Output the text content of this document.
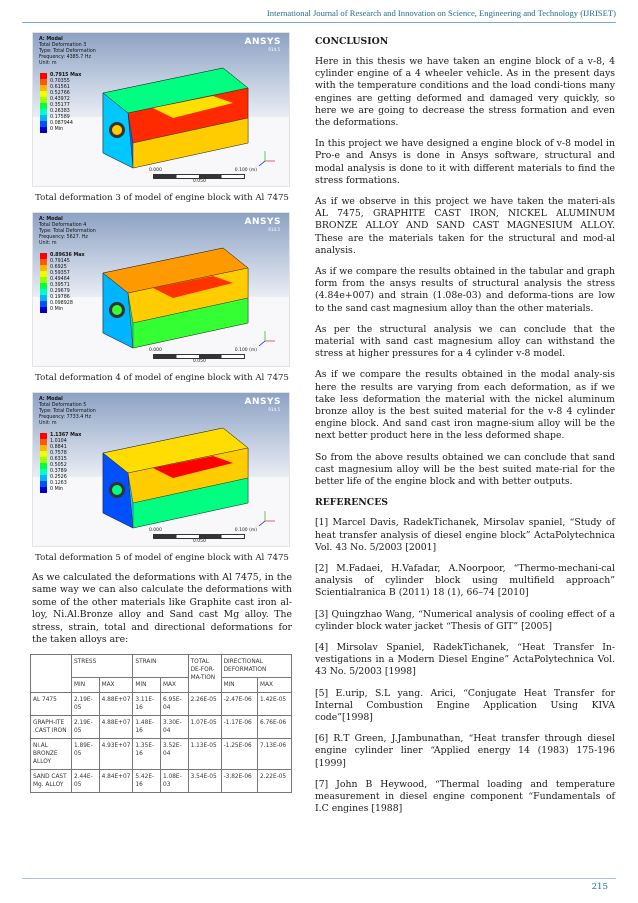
International Journal of Research and Innovation on Science, Engineering and Technology (IJRISET)
A: Modal
Total Deformation 3
Type: Total Deformation
Frequency: 4385.7 Hz
Unit: m
ANSYS
R14.5
0.7915 Max
0.70355
0.61561
0.52766
0.43972
0.35177
0.26383
0.17589
0.087944
0 Min
0.000	0.100 (m)
0.050
Total deformation 3 of model of engine block with Al 7475
A: Modal
Total Deformation 4
Type: Total Deformation
Frequency: 5627. Hz
Unit: m
ANSYS
R14.5
0.89636 Max
0.79145
0.6925
0.59357
0.49464
0.39571
0.29679
0.19786
0.098928
0 Min
0.000	0.100 (m)
0.050
Total deformation 4 of model of engine block with Al 7475
A: Modal
Total Deformation 5
Type: Total Deformation
Frequency: 7733.4 Hz
Unit: m
ANSYS
R14.5
1.1367 Max
1.0104
0.8841
0.7578
0.6315
0.5052
0.3789
0.2526
0.1263
0 Min
0.000	0.100 (m)
0.050
Total deformation 5 of model of engine block with Al 7475

As we calculated the deformations with Al 7475, in the same way we can also calculate the deformations with some of the other materials like Graphite cast iron al-loy, Ni.Al.Bronze alloy and Sand cast Mg alloy. The stress, strain, total and directional deformations for the taken alloys are:

	STRESS		STRAIN		TOTAL DE-FOR-MA-TION	DIRECTIONAL DEFORMATION	
	MIN	MAX	MIN	MAX		MIN	MAX
AL 7475	2.19E-05	4.88E+07	3.11E-16	6.95E-04	2.26E-05	-2.47E-06	1.42E-05
GRAPH-ITE .CAST IRON	2.19E-05	4.88E+07	1.48E-16	3.30E-04	1.07E-05	-1.17E-06	6.76E-06
Ni.AL BRONZE ALLOY	1.89E-05	4.93E+07	1.35E-16	3.52E-04	1.13E-05	-1.25E-06	7.13E-06
SAND CAST Mg. ALLOY	2.44E-05	4.84E+07	5.42E-16	1.08E-03	3.54E-05	-3.82E-06	2.22E-05
CONCLUSION

Here in this thesis we have taken an engine block of a v-8, 4 cylinder engine of a 4 wheeler vehicle. As in the present days with the temperature conditions and the load condi-tions many engines are getting deformed and damaged very quickly, so here we are going to decrease the stress formation and even the deformations.

In this project we have designed a engine block of v-8 model in Pro-e and Ansys is done in Ansys software, structural and modal analysis is done to it with different materials to find the stress formations.

As if we observe in this project we have taken the materi-als AL 7475, GRAPHITE CAST IRON, NICKEL ALUMINUM BRONZE ALLOY AND SAND CAST MAGNESIUM ALLOY. These are the materials taken for the structural and mod-al analysis.

As if we compare the results obtained in the tabular and graph form from the ansys results of structural analysis the stress (4.84e+007) and strain (1.08e-03) and deforma-tions are low to the sand cast magnesium alloy than the other materials.

As per the structural analysis we can conclude that the material with sand cast magnesium alloy can withstand the stress at higher pressures for a 4 cylinder v-8 model.

As if we compare the results obtained in the modal analy-sis here the results are varying from each deformation, as if we take less deformation the material with the nickel aluminum bronze alloy is the best suited material for the v-8 4 cylinder engine block. And sand cast iron magne-sium alloy will be the next better product here in the less deformed shape.

So from the above results obtained we can conclude that sand cast magnesium alloy will be the best suited mate-rial for the better life of the engine block and with better outputs.

REFERENCES

[1] Marcel Davis, RadekTichanek, Mirsolav spaniel, “Study of heat transfer analysis of diesel engine block” ActaPolytechnica Vol. 43 No. 5/2003 [2001]

[2] M.Fadaei, H.Vafadar, A.Noorpoor, “Thermo-mechani-cal analysis of cylinder block using multifield approach” Scientialranica B (2011) 18 (1), 66–74 [2010]

[3] Quingzhao Wang, “Numerical analysis of cooling effect of a cylinder block water jacket “Thesis of GIT” [2005]

[4] Mirsolav Spaniel, RadekTichanek, “Heat Transfer In-vestigations in a Modern Diesel Engine” ActaPolytechnica Vol. 43 No. 5/2003 [1998]

[5] E.urip, S.L yang. Arici, “Conjugate Heat Transfer for Internal Combustion Engine Application Using KIVA code”[1998]

[6] R.T Green, J.Jambunathan, “Heat transfer through diesel engine cylinder liner “Applied energy 14 (1983) 175-196 [1999]

[7] John B Heywood, “Thermal loading and temperature measurement in diesel engine component “Fundamentals of I.C engines [1988]

215
